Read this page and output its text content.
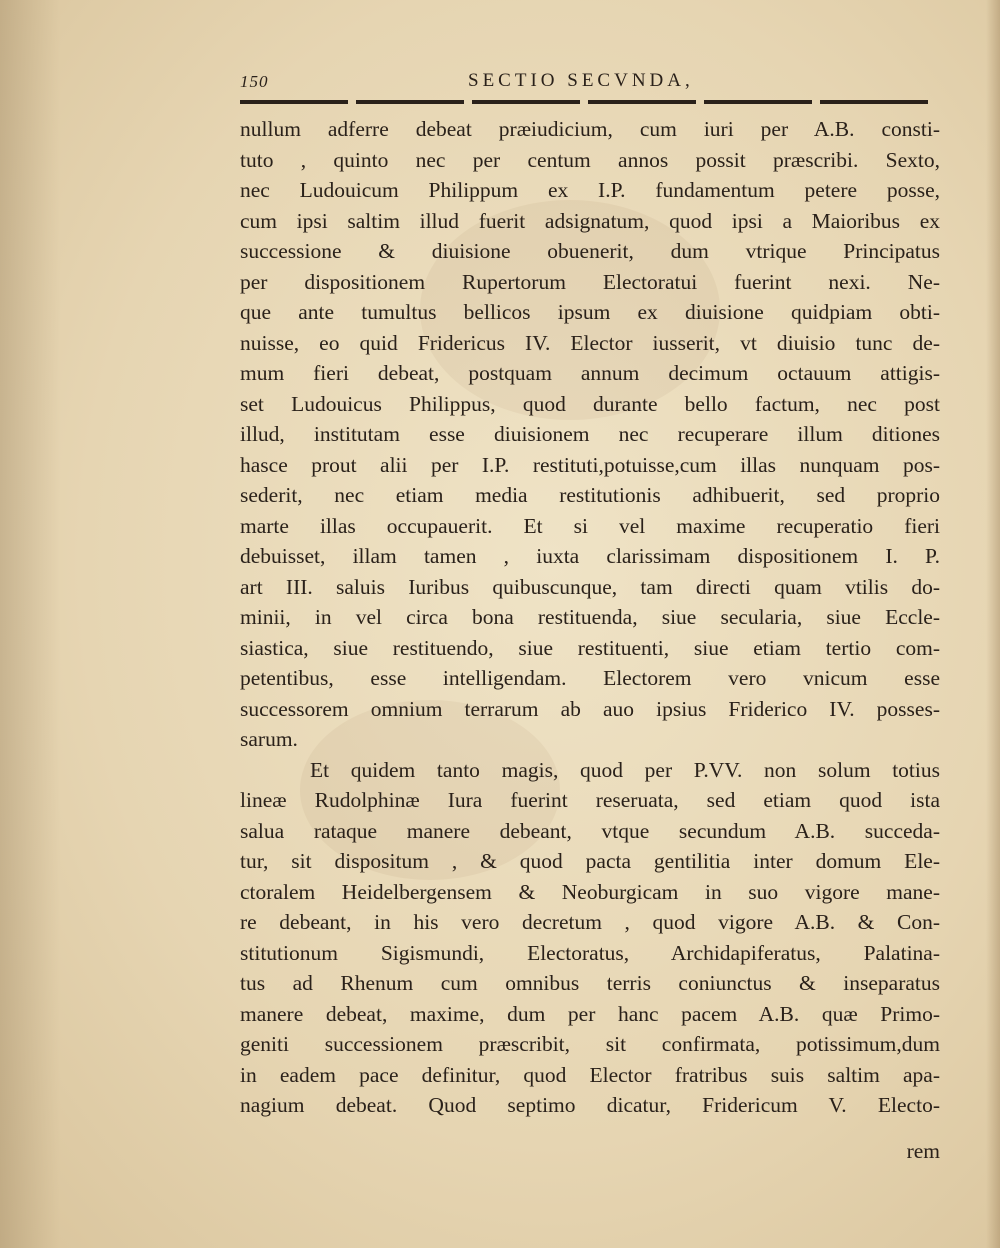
150	SECTIO SECVNDA,
nullum adferre debeat præiudicium, cum iuri per A.B. consti-
tuto , quinto nec per centum annos possit præscribi. Sexto,
nec Ludouicum Philippum ex I.P. fundamentum petere posse,
cum ipsi saltim illud fuerit adsignatum, quod ipsi a Maioribus ex
successione & diuisione obuenerit, dum vtrique Principatus
per dispositionem Rupertorum Electoratui fuerint nexi. Ne-
que ante tumultus bellicos ipsum ex diuisione quidpiam obti-
nuisse, eo quid Fridericus IV. Elector iusserit, vt diuisio tunc de-
mum fieri debeat, postquam annum decimum octauum attigis-
set Ludouicus Philippus, quod durante bello factum, nec post
illud, institutam esse diuisionem nec recuperare illum ditiones
hasce prout alii per I.P. restituti,potuisse,cum illas nunquam pos-
sederit, nec etiam media restitutionis adhibuerit, sed proprio
marte illas occupauerit. Et si vel maxime recuperatio fieri
debuisset, illam tamen , iuxta clarissimam dispositionem I. P.
art III. saluis Iuribus quibuscunque, tam directi quam vtilis do-
minii, in vel circa bona restituenda, siue secularia, siue Eccle-
siastica, siue restituendo, siue restituenti, siue etiam tertio com-
petentibus, esse intelligendam. Electorem vero vnicum esse
successorem omnium terrarum ab auo ipsius Friderico IV. posses-
sarum.
Et quidem tanto magis, quod per P.VV. non solum totius
lineæ Rudolphinæ Iura fuerint reseruata, sed etiam quod ista
salua rataque manere debeant, vtque secundum A.B. succeda-
tur, sit dispositum , & quod pacta gentilitia inter domum Ele-
ctoralem Heidelbergensem & Neoburgicam in suo vigore mane-
re debeant, in his vero decretum , quod vigore A.B. & Con-
stitutionum Sigismundi, Electoratus, Archidapiferatus, Palatina-
tus ad Rhenum cum omnibus terris coniunctus & inseparatus
manere debeat, maxime, dum per hanc pacem A.B. quæ Primo-
geniti successionem præscribit, sit confirmata, potissimum,dum
in eadem pace definitur, quod Elector fratribus suis saltim apa-
nagium debeat. Quod septimo dicatur, Fridericum V. Electo-
rem
